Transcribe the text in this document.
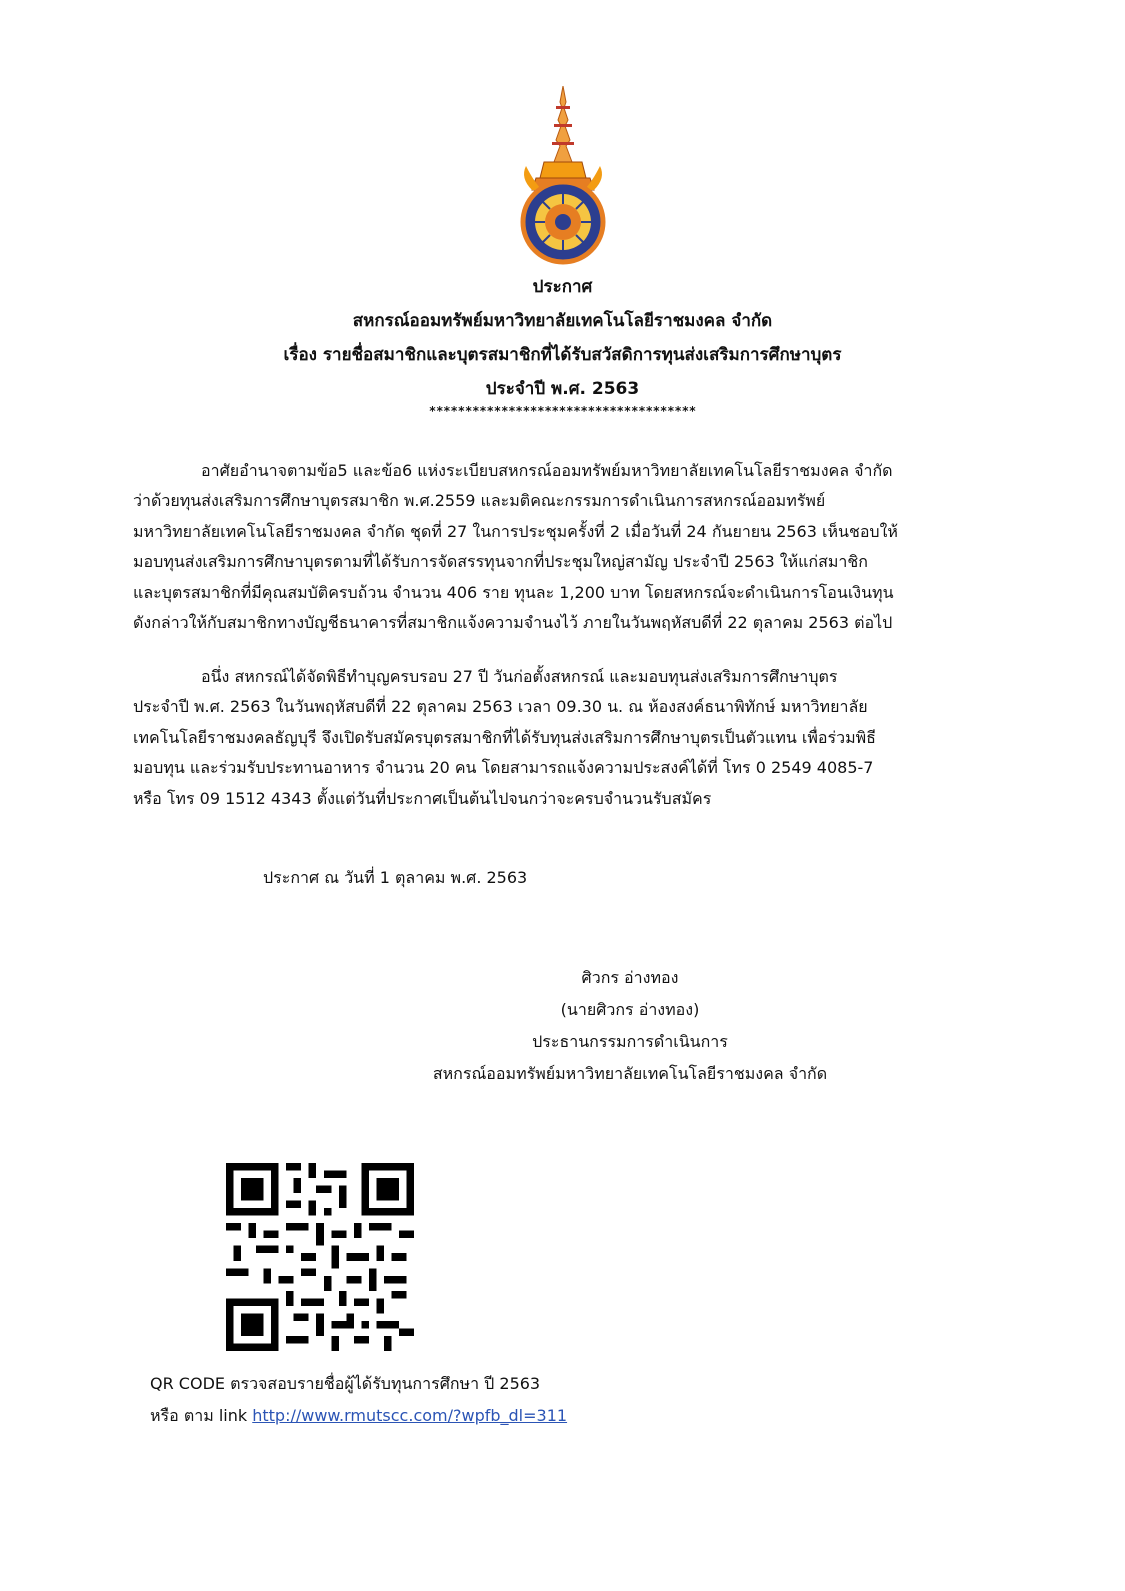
ประกาศ
สหกรณ์ออมทรัพย์มหาวิทยาลัยเทคโนโลยีราชมงคล จำกัด
เรื่อง รายชื่อสมาชิกและบุตรสมาชิกที่ได้รับสวัสดิการทุนส่งเสริมการศึกษาบุตร
ประจำปี พ.ศ. 2563
*************************************
อาศัยอำนาจตามข้อ5 และข้อ6 แห่งระเบียบสหกรณ์ออมทรัพย์มหาวิทยาลัยเทคโนโลยีราชมงคล จำกัด
ว่าด้วยทุนส่งเสริมการศึกษาบุตรสมาชิก พ.ศ.2559 และมติคณะกรรมการดำเนินการสหกรณ์ออมทรัพย์
มหาวิทยาลัยเทคโนโลยีราชมงคล จำกัด ชุดที่ 27 ในการประชุมครั้งที่ 2 เมื่อวันที่ 24 กันยายน 2563 เห็นชอบให้
มอบทุนส่งเสริมการศึกษาบุตรตามที่ได้รับการจัดสรรทุนจากที่ประชุมใหญ่สามัญ ประจำปี 2563 ให้แก่สมาชิก
และบุตรสมาชิกที่มีคุณสมบัติครบถ้วน จำนวน 406 ราย ทุนละ 1,200 บาท โดยสหกรณ์จะดำเนินการโอนเงินทุน
ดังกล่าวให้กับสมาชิกทางบัญชีธนาคารที่สมาชิกแจ้งความจำนงไว้ ภายในวันพฤหัสบดีที่ 22 ตุลาคม 2563 ต่อไป
อนึ่ง สหกรณ์ได้จัดพิธีทำบุญครบรอบ 27 ปี วันก่อตั้งสหกรณ์ และมอบทุนส่งเสริมการศึกษาบุตร
ประจำปี พ.ศ. 2563 ในวันพฤหัสบดีที่ 22 ตุลาคม 2563 เวลา 09.30 น. ณ ห้องสงค์ธนาพิทักษ์ มหาวิทยาลัย
เทคโนโลยีราชมงคลธัญบุรี จึงเปิดรับสมัครบุตรสมาชิกที่ได้รับทุนส่งเสริมการศึกษาบุตรเป็นตัวแทน เพื่อร่วมพิธี
มอบทุน และร่วมรับประทานอาหาร จำนวน 20 คน โดยสามารถแจ้งความประสงค์ได้ที่ โทร 0 2549 4085-7
หรือ โทร 09 1512 4343 ตั้งแต่วันที่ประกาศเป็นต้นไปจนกว่าจะครบจำนวนรับสมัคร
ประกาศ ณ วันที่ 1 ตุลาคม พ.ศ. 2563
ศิวกร อ่างทอง
(นายศิวกร อ่างทอง)
ประธานกรรมการดำเนินการ
สหกรณ์ออมทรัพย์มหาวิทยาลัยเทคโนโลยีราชมงคล จำกัด
QR CODE ตรวจสอบรายชื่อผู้ได้รับทุนการศึกษา ปี 2563
หรือ ตาม link http://www.rmutscc.com/?wpfb_dl=311
